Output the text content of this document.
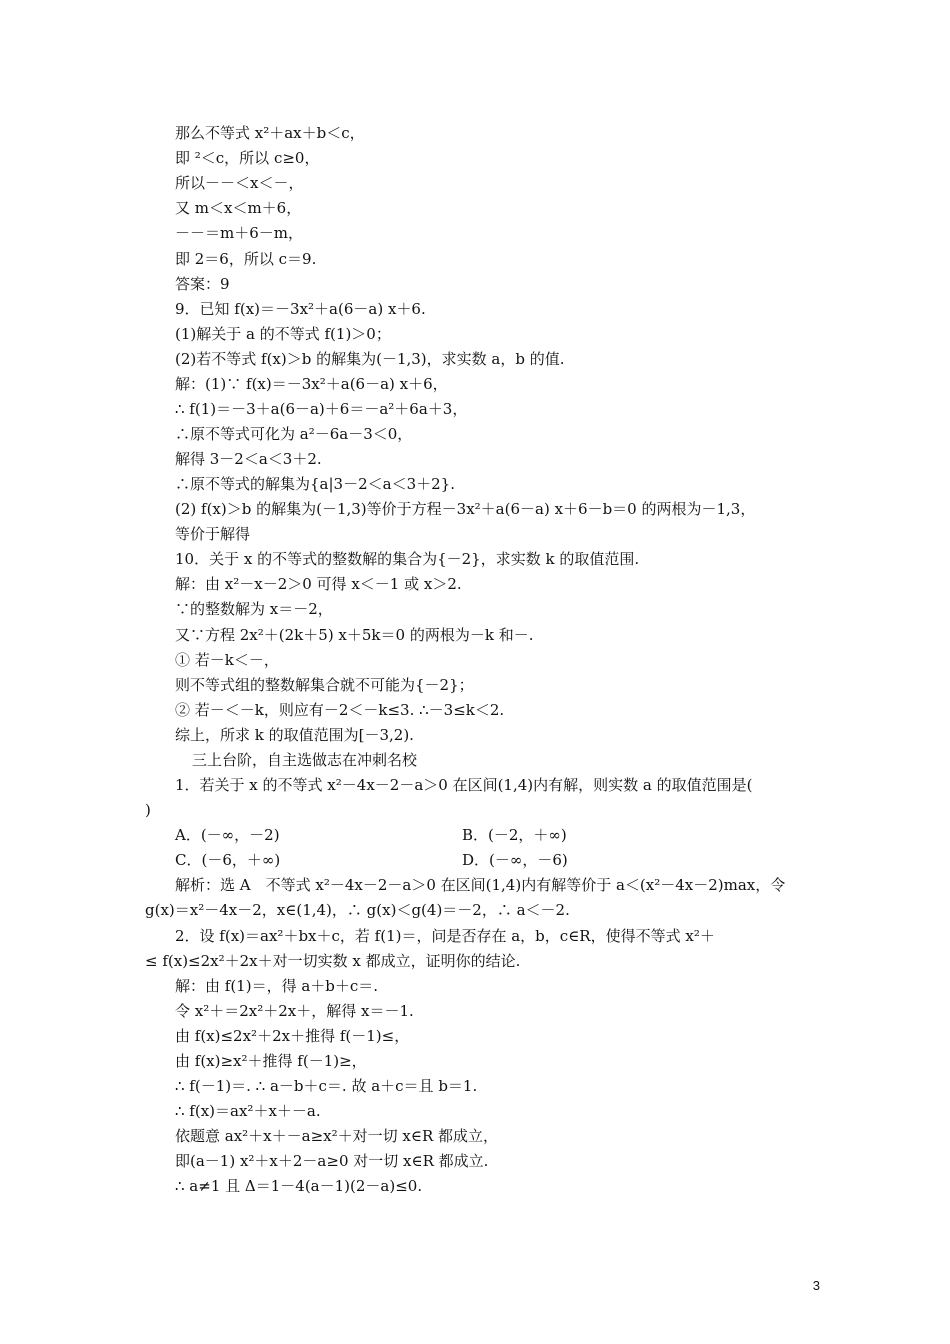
那么不等式 x²＋ax＋b＜c，
即 ²＜c，所以 c≥0，
所以－－＜x＜－，
又 m＜x＜m＋6，
－－＝m＋6－m，
即 2＝6，所以 c＝9.
答案：9
9．已知 f(x)＝－3x²＋a(6－a) x＋6.
(1)解关于 a 的不等式 f(1)＞0；
(2)若不等式 f(x)＞b 的解集为(－1,3)，求实数 a，b 的值.
解：(1)∵ f(x)＝－3x²＋a(6－a) x＋6，
∴ f(1)＝－3＋a(6－a)＋6＝－a²＋6a＋3，
∴原不等式可化为 a²－6a－3＜0，
解得 3－2＜a＜3＋2.
∴原不等式的解集为{a|3－2＜a＜3＋2}.
(2) f(x)＞b 的解集为(－1,3)等价于方程－3x²＋a(6－a) x＋6－b＝0 的两根为－1,3，
等价于解得
10．关于 x 的不等式的整数解的集合为{－2}，求实数 k 的取值范围.
解：由 x²－x－2＞0 可得 x＜－1 或 x＞2.
∵的整数解为 x＝－2，
又∵方程 2x²＋(2k＋5) x＋5k＝0 的两根为－k 和－.
① 若－k＜－，
则不等式组的整数解集合就不可能为{－2}；
② 若－＜－k，则应有－2＜－k≤3. ∴－3≤k＜2.
综上，所求 k 的取值范围为[－3,2).
三上台阶，自主选做志在冲刺名校
1．若关于 x 的不等式 x²－4x－2－a＞0 在区间(1,4)内有解，则实数 a 的取值范围是(
)
A．(－∞，－2)	B．(－2，＋∞)
C．(－6，＋∞)	D．(－∞，－6)
解析：选 A　不等式 x²－4x－2－a＞0 在区间(1,4)内有解等价于 a＜(x²－4x－2)max，令
g(x)＝x²－4x－2，x∈(1,4)，∴ g(x)＜g(4)＝－2，∴ a＜－2.
2．设 f(x)＝ax²＋bx＋c，若 f(1)＝，问是否存在 a，b，c∈R，使得不等式 x²＋
≤ f(x)≤2x²＋2x＋对一切实数 x 都成立，证明你的结论.
解：由 f(1)＝，得 a＋b＋c＝.
令 x²＋＝2x²＋2x＋，解得 x＝－1.
由 f(x)≤2x²＋2x＋推得 f(－1)≤，
由 f(x)≥x²＋推得 f(－1)≥，
∴ f(－1)＝. ∴ a－b＋c＝. 故 a＋c＝且 b＝1.
∴ f(x)＝ax²＋x＋－a.
依题意 ax²＋x＋－a≥x²＋对一切 x∈R 都成立，
即(a－1) x²＋x＋2－a≥0 对一切 x∈R 都成立.
∴ a≠1 且 Δ＝1－4(a－1)(2－a)≤0.
3
